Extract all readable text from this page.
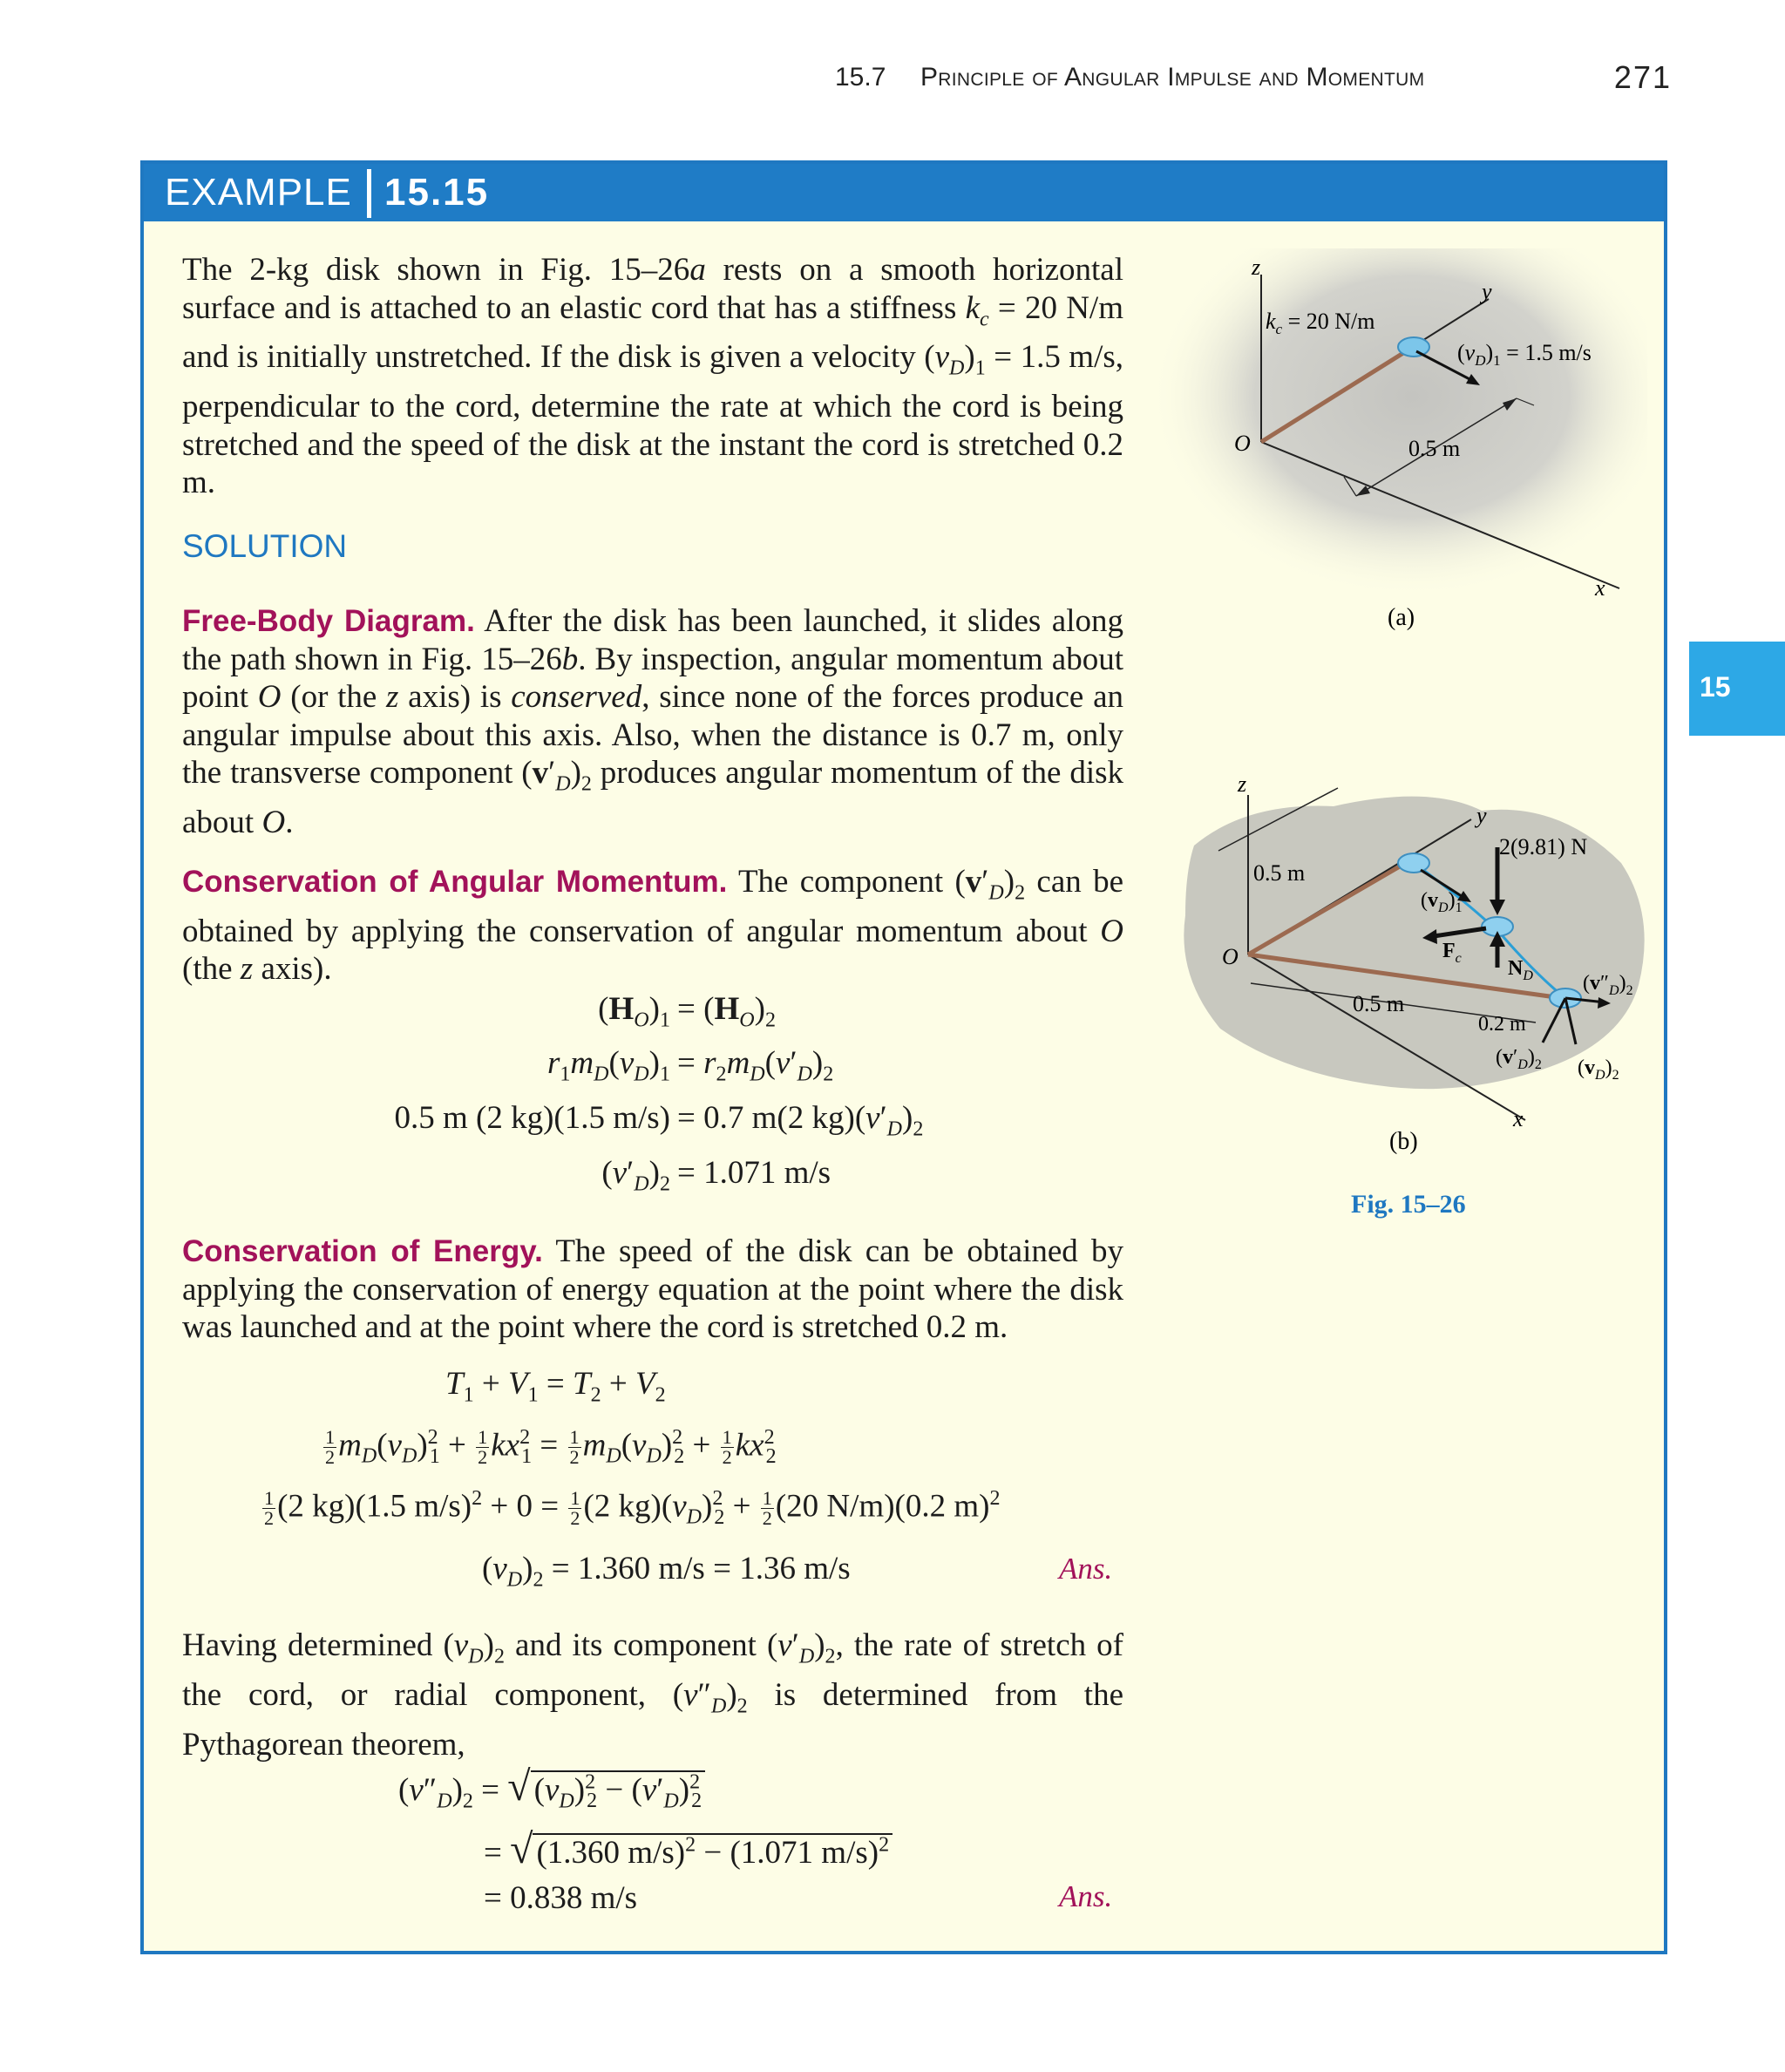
15.7 Principle of Angular Impulse and Momentum	271
15
EXAMPLE 15.15
The 2-kg disk shown in Fig. 15–26a rests on a smooth horizontal surface and is attached to an elastic cord that has a stiffness $k_c = 20$ N/m and is initially unstretched. If the disk is given a velocity $(v_D)_1 = 1.5$ m/s, perpendicular to the cord, determine the rate at which the cord is being stretched and the speed of the disk at the instant the cord is stretched 0.2 m.
SOLUTION
Free-Body Diagram. After the disk has been launched, it slides along the path shown in Fig. 15–26b. By inspection, angular momentum about point O (or the z axis) is conserved, since none of the forces produce an angular impulse about this axis. Also, when the distance is 0.7 m, only the transverse component $(v'_D)_2$ produces angular momentum of the disk about O.
Conservation of Angular Momentum. The component $(v'_D)_2$ can be obtained by applying the conservation of angular momentum about O (the z axis).
$(H_O)_1 = (H_O)_2$
$r_1m_D(v_D)_1 = r_2m_D(v'_D)_2$
0.5 m (2 kg)(1.5 m/s) = 0.7 m(2 $kg)(v'_D)_2$
$(v'_D)_2 = 1.071$ m/s
Conservation of Energy. The speed of the disk can be obtained by applying the conservation of energy equation at the point where the disk was launched and at the point where the cord is stretched 0.2 m.
$T_1 + V_1 = T_2 + V_2$
$\frac{1}{2} m_D(v_D)^2_1 + \frac{1}{2} kx^2_1 = \frac{1}{2} m_D(v_D)^2_2 + \frac{1}{2} kx^2_2$
$\frac{1}{2} (2$ kg)(1.5 $m/s)^2 + 0 = \frac{1}{2} (2$ $kg)(v_D)^2_2 + \frac{1}{2} (20$ N/m)(0.2 m)$^2$
$(v_D)_2 = 1.360$ m/s = 1.36 m/s	Ans.
Having determined $(v_D)_2$ and its component $(v'_D)_2$, the rate of stretch of the cord, or radial component, $(v''_D)_2$ is determined from the Pythagorean theorem,
$(v''_D)_2$ = √ $(v_D)^2_2 - (v'_D)^2_2$
= √ (1.360 m/s)$^2$ − (1.071 m/s)$^2$
= 0.838 m/s	Ans.
z
y
x
O
$k_c = 20$ N/m
$(v_D)_1 = 1.5$ m/s
0.5 m
(a)
z
y
x
O
2(9.81) N
0.5 m
0.5 m
0.2 m
$(v_D)_1$
$F_c$ $N_D$ $(v''_D)_2$
$(v'_D)_2$ $(v_D)_2$
(b)
Fig. 15–26
